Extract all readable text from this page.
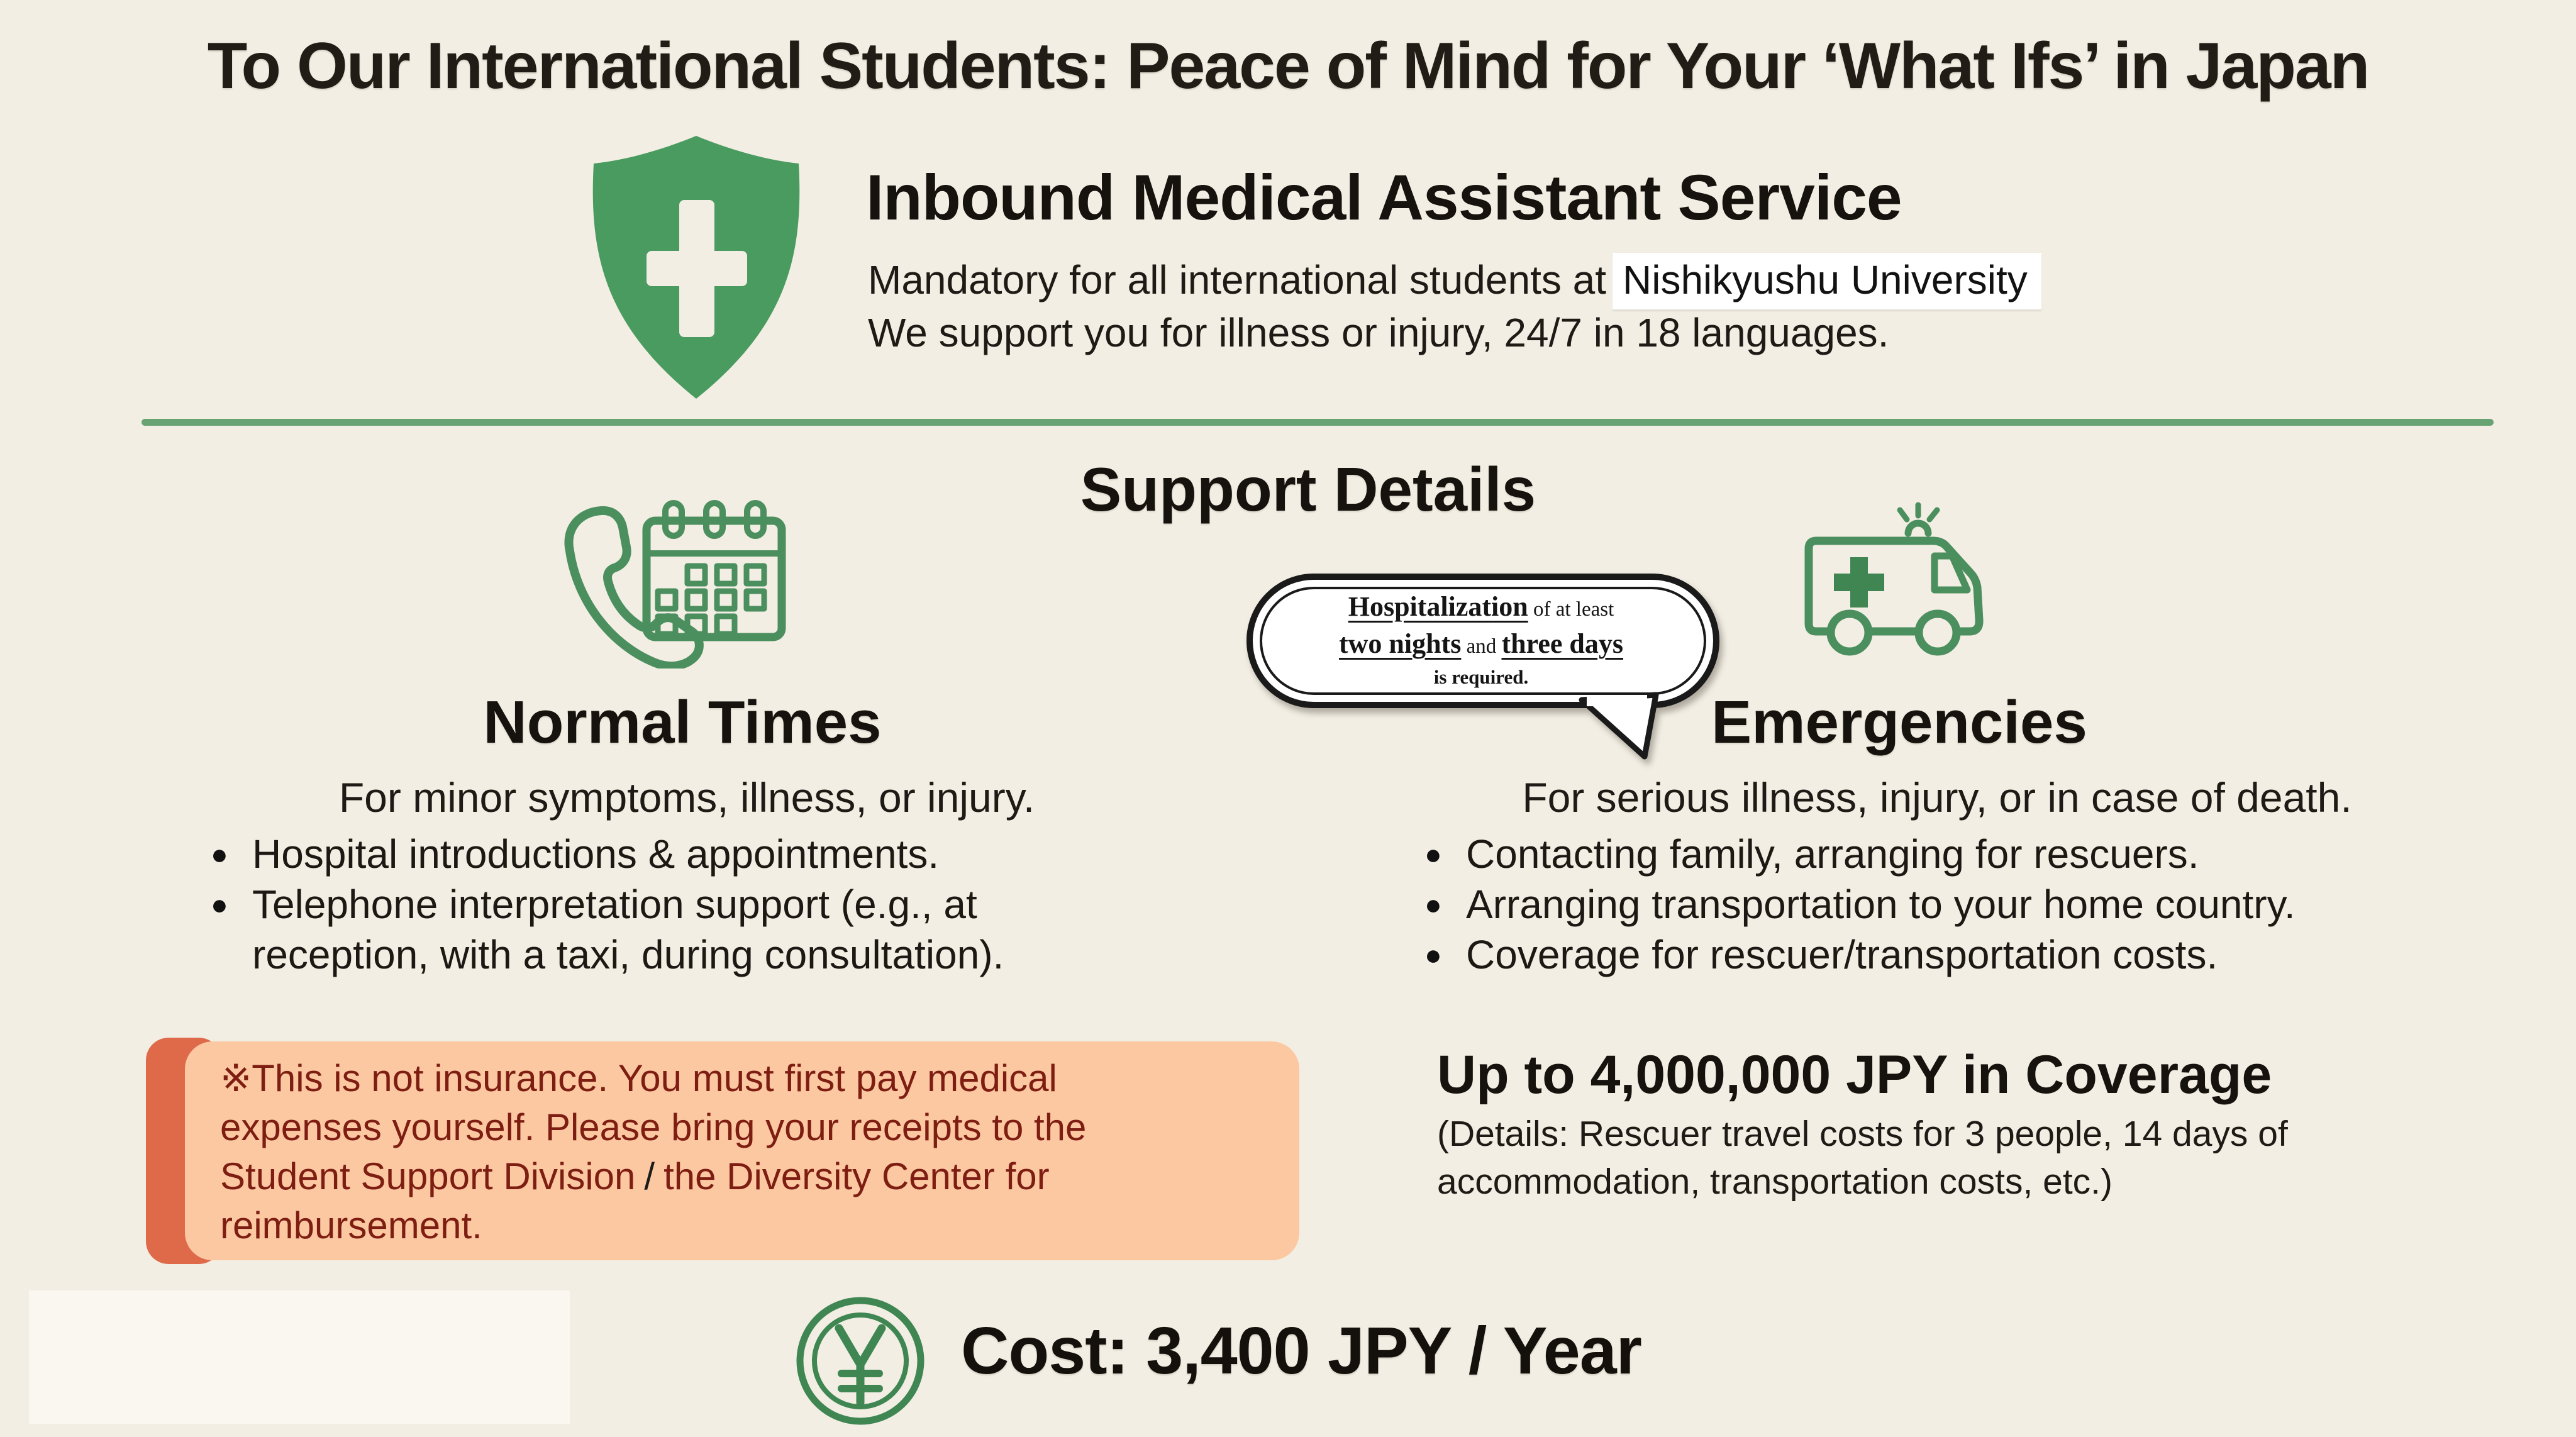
To Our International Students: Peace of Mind for Your ‘What Ifs’ in Japan
Inbound Medical Assistant Service
Mandatory for all international students at Nishikyushu University
We support you for illness or injury, 24/7 in 18 languages.
Support Details
Hospitalization of at least
two nights and three days
is required.
Normal Times
For minor symptoms, illness, or injury.
● Hospital introductions & appointments.
● Telephone interpretation support (e.g., at
reception, with a taxi, during consultation).
Emergencies
For serious illness, injury, or in case of death.
● Contacting family, arranging for rescuers.
● Arranging transportation to your home country.
● Coverage for rescuer/transportation costs.
Up to 4,000,000 JPY in Coverage
(Details: Rescuer travel costs for 3 people, 14 days of
accommodation, transportation costs, etc.)
※This is not insurance. You must first pay medical
expenses yourself. Please bring your receipts to the
Student Support Division / the Diversity Center for
reimbursement.
Cost: 3,400 JPY / Year
